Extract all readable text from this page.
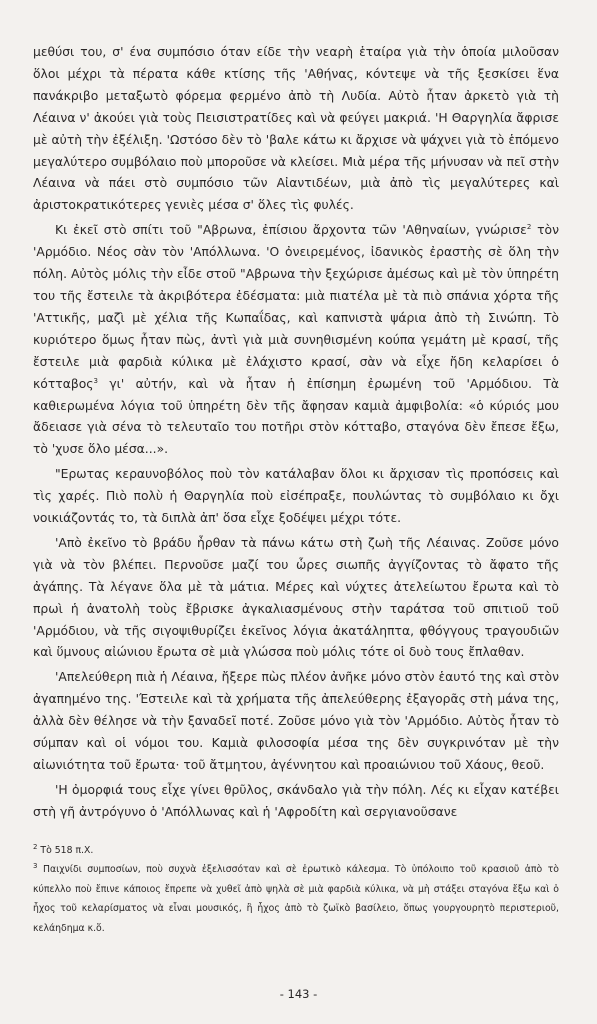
μεθύσι του, σ' ένα συμπόσιο όταν είδε τὴν νεαρὴ ἑταίρα γιὰ τὴν ὁποία μιλοῦσαν ὅλοι μέχρι τὰ πέρατα κάθε κτίσης τῆς 'Αθήνας, κόντεψε νὰ τῆς ξεσκίσει ἕνα πανάκριβο μεταξωτὸ φόρεμα φερμένο ἀπὸ τὴ Λυδία. Αὐτὸ ἦταν ἀρκετὸ γιὰ τὴ Λέαινα ν' ἀκούει γιὰ τοὺς Πεισιστρατίδες καὶ νὰ φεύγει μακριά. 'Η Θαργηλία ἄφρισε μὲ αὐτὴ τὴν ἐξέλιξη. 'Ωστόσο δὲν τὸ 'βαλε κάτω κι ἄρχισε νὰ ψάχνει γιὰ τὸ ἑπόμενο μεγαλύτερο συμβόλαιο ποὺ μποροῦσε νὰ κλείσει. Μιὰ μέρα τῆς μήνυσαν νὰ πεῖ στὴν Λέαινα νὰ πάει στὸ συμπόσιο τῶν Αἰαντιδέων, μιὰ ἀπὸ τὶς μεγαλύτερες καὶ ἀριστοκρατικότερες γενιὲς μέσα σ' ὅλες τὶς φυλές.

Κι ἐκεῖ στὸ σπίτι τοῦ "Αβρωνα, ἐπίσιου ἄρχοντα τῶν 'Αθηναίων, γνώρισε$^2$ τὸν 'Αρμόδιο. Νέος σὰν τὸν 'Απόλλωνα. 'Ο ὀνειρεμένος, ἰδανικὸς ἐραστὴς σὲ ὅλη τὴν πόλη. Αὐτὸς μόλις τὴν εἶδε στοῦ "Αβρωνα τὴν ξεχώρισε ἀμέσως καὶ μὲ τὸν ὑπηρέτη του τῆς ἔστειλε τὰ ἀκριβότερα ἐδέσματα: μιὰ πιατέλα μὲ τὰ πιὸ σπάνια χόρτα τῆς 'Αττικῆς, μαζὶ μὲ χέλια τῆς Κωπαΐδας, καὶ καπνιστὰ ψάρια ἀπὸ τὴ Σινώπη. Τὸ κυριότερο ὅμως ἦταν πὼς, ἀντὶ γιὰ μιὰ συνηθισμένη κούπα γεμάτη μὲ κρασί, τῆς ἔστειλε μιὰ φαρδιὰ κύλικα μὲ ἐλάχιστο κρασί, σὰν νὰ εἶχε ἤδη κελαρίσει ὁ κότταβος$^3$ γι' αὐτήν, καὶ νὰ ἦταν ἡ ἐπίσημη ἐρωμένη τοῦ 'Αρμόδιου. Τὰ καθιερωμένα λόγια τοῦ ὑπηρέτη δὲν τῆς ἄφησαν καμιὰ ἀμφιβολία: «ὁ κύριός μου ἄδειασε γιὰ σένα τὸ τελευταῖο του ποτῆρι στὸν κότταβο, σταγόνα δὲν ἔπεσε ἔξω, τὸ 'χυσε ὅλο μέσα...».

"Ερωτας κεραυνοβόλος ποὺ τὸν κατάλαβαν ὅλοι κι ἄρχισαν τὶς προπόσεις καὶ τὶς χαρές. Πιὸ πολὺ ἡ Θαργηλία ποὺ εἰσέπραξε, πουλώντας τὸ συμβόλαιο κι ὄχι νοικιάζοντάς το, τὰ διπλὰ ἀπ' ὅσα εἶχε ξοδέψει μέχρι τότε.

'Απὸ ἐκεῖνο τὸ βράδυ ἦρθαν τὰ πάνω κάτω στὴ ζωὴ τῆς Λέαινας. Ζοῦσε μόνο γιὰ νὰ τὸν βλέπει. Περνοῦσε μαζί του ὧρες σιωπῆς ἀγγίζοντας τὸ ἄφατο τῆς ἀγάπης. Τὰ λέγανε ὅλα μὲ τὰ μάτια. Μέρες καὶ νύχτες ἀτελείωτου ἔρωτα καὶ τὸ πρωὶ ἡ ἀνατολὴ τοὺς ἔβρισκε ἀγκαλιασμένους στὴν ταράτσα τοῦ σπιτιοῦ τοῦ 'Αρμόδιου, νὰ τῆς σιγοψιθυρίζει ἐκεῖνος λόγια ἀκατάληπτα, φθόγγους τραγουδιῶν καὶ ὕμνους αἰώνιου ἔρωτα σὲ μιὰ γλώσσα ποὺ μόλις τότε οἱ δυὸ τους ἔπλαθαν.

'Απελεύθερη πιὰ ἡ Λέαινα, ἤξερε πὼς πλέον ἀνῆκε μόνο στὸν ἑαυτό της καὶ στὸν ἀγαπημένο της. 'Έστειλε καὶ τὰ χρήματα τῆς ἀπελεύθερης ἐξαγορᾶς στὴ μάνα της, ἀλλὰ δὲν θέλησε νὰ τὴν ξαναδεῖ ποτέ. Ζοῦσε μόνο γιὰ τὸν 'Αρμόδιο. Αὐτὸς ἦταν τὸ σύμπαν καὶ οἱ νόμοι του. Καμιὰ φιλοσοφία μέσα της δὲν συγκρινόταν μὲ τὴν αἰωνιότητα τοῦ ἔρωτα· τοῦ ἄτμητου, ἀγέννητου καὶ προαιώνιου τοῦ Χάους, θεοῦ.

'Η ὀμορφιά τους εἶχε γίνει θρῦλος, σκάνδαλο γιὰ τὴν πόλη. Λές κι εἶχαν κατέβει στὴ γῆ ἀντρόγυνο ὁ 'Απόλλωνας καὶ ἡ 'Αφροδίτη καὶ σεργιανοῦσανε

$^2$ Τὸ 518 π.Χ.

$^3$ Παιχνίδι συμποσίων, ποὺ συχνὰ ἐξελισσόταν καὶ σὲ ἐρωτικὸ κάλεσμα. Τὸ ὑπόλοιπο τοῦ κρασιοῦ ἀπὸ τὸ κύπελλο ποὺ ἔπινε κάποιος ἔπρεπε νὰ χυθεῖ ἀπὸ ψηλὰ σὲ μιὰ φαρδιὰ κύλικα, νὰ μὴ στάξει σταγόνα ἔξω καὶ ὁ ἦχος τοῦ κελαρίσματος νὰ εἶναι μουσικός, ἢ ἦχος ἀπὸ τὸ ζωϊκὸ βασίλειο, ὅπως γουργουρητὸ περιστεριοῦ, κελάηδημα κ.ὅ.

- 143 -
